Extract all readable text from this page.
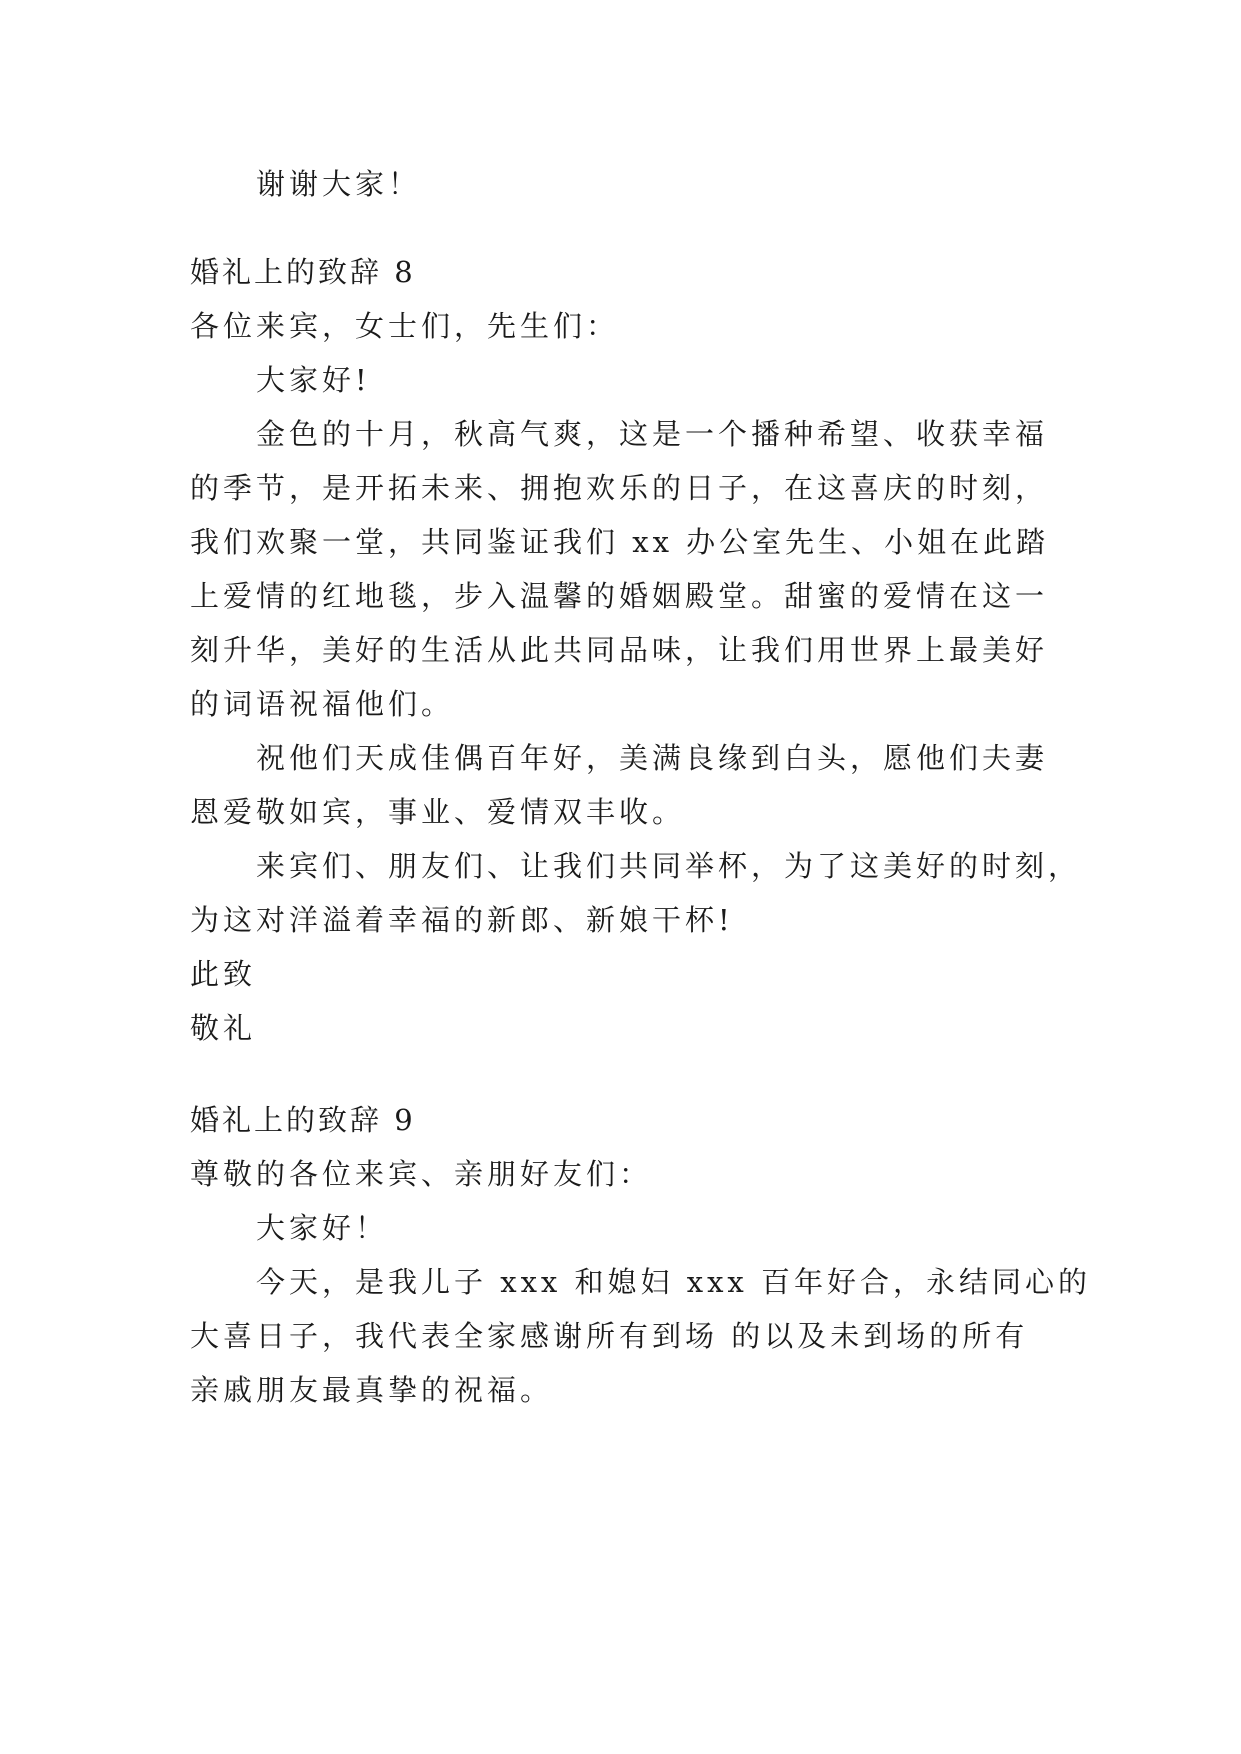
谢谢大家！
婚礼上的致辞 8
各位来宾，女士们，先生们：
大家好!
金色的十月，秋高气爽，这是一个播种希望、收获幸福
的季节，是开拓未来、拥抱欢乐的日子，在这喜庆的时刻，
我们欢聚一堂，共同鉴证我们 xx 办公室先生、小姐在此踏
上爱情的红地毯，步入温馨的婚姻殿堂。甜蜜的爱情在这一
刻升华，美好的生活从此共同品味，让我们用世界上最美好
的词语祝福他们。
祝他们天成佳偶百年好，美满良缘到白头，愿他们夫妻
恩爱敬如宾，事业、爱情双丰收。
来宾们、朋友们、让我们共同举杯，为了这美好的时刻，
为这对洋溢着幸福的新郎、新娘干杯!
此致
敬礼
婚礼上的致辞 9
尊敬的各位来宾、亲朋好友们：
大家好！
今天，是我儿子 xxx 和媳妇 xxx 百年好合，永结同心的
大喜日子，我代表全家感谢所有到场 的以及未到场的所有
亲戚朋友最真挚的祝福。
